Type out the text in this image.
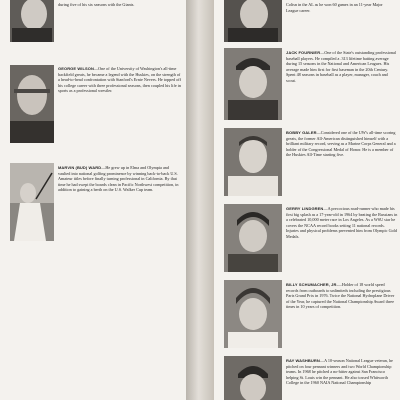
during five of his six seasons with the Giants.
GEORGE WILSON—One of the University of Washington's all-time backfield greats, he became a legend with the Huskies, on the strength of a head-to-head confrontation with Stanford's Ernie Nevers. He topped off his college career with three professional seasons, then coupled his life in sports as a professional wrestler.
MARVIN (BUD) WARD—He grew up in Elma and Olympia and vaulted into national golfing prominence by winning back-to-back U.S. Amateur titles before finally turning professional in California. By that time he had swept the boards clean in Pacific Northwest competition, in addition to gaining a berth on the U.S. Walker Cup team.
Coltsn in the AL as he won 60 games in an 11-year Major League career.
JACK FOURNIER—One of the State's outstanding professional baseball players. He compiled a .313 lifetime batting average during 15 seasons in the National and American Leagues. His average made him first for first baseman in the 20th Century. Spent 48 seasons in baseball as a player, manager, coach and scout.
BOBBY GALER—Considered one of the UW's all-time scoring greats, the former All-American distinguished himself with a brilliant military record, serving as a Marine Corps General and a holder of the Congressional Medal of Honor. He is a member of the Huskies All-Time starting five.
GERRY LINDGREN—A precocious road-runner who made his first big splash as a 17-year-old in 1964 by beating the Russians in a celebrated 10,000 meter race in Los Angeles. As a WSU star he covers the NCAA record books setting 11 national records. Injuries and physical problems prevented him from Olympic Gold Medals.
BILLY SCHUMACHER, JR.—Holder of 18 world speed records from outboards to unlimiteds including the prestigious Paris Grand Prix in 1976. Twice the National Hydroplane Driver of the Year, he captured the National Championship Award three times in 10 years of competition.
RAY WASHBURN—A 10-season National League veteran, he pitched on four pennant winners and two World Championship teams. In 1968 he pitched a no-hitter against San Francisco helping St. Louis win the pennant. He also tossed Whitworth College in the 1960 NAIA National Championship
